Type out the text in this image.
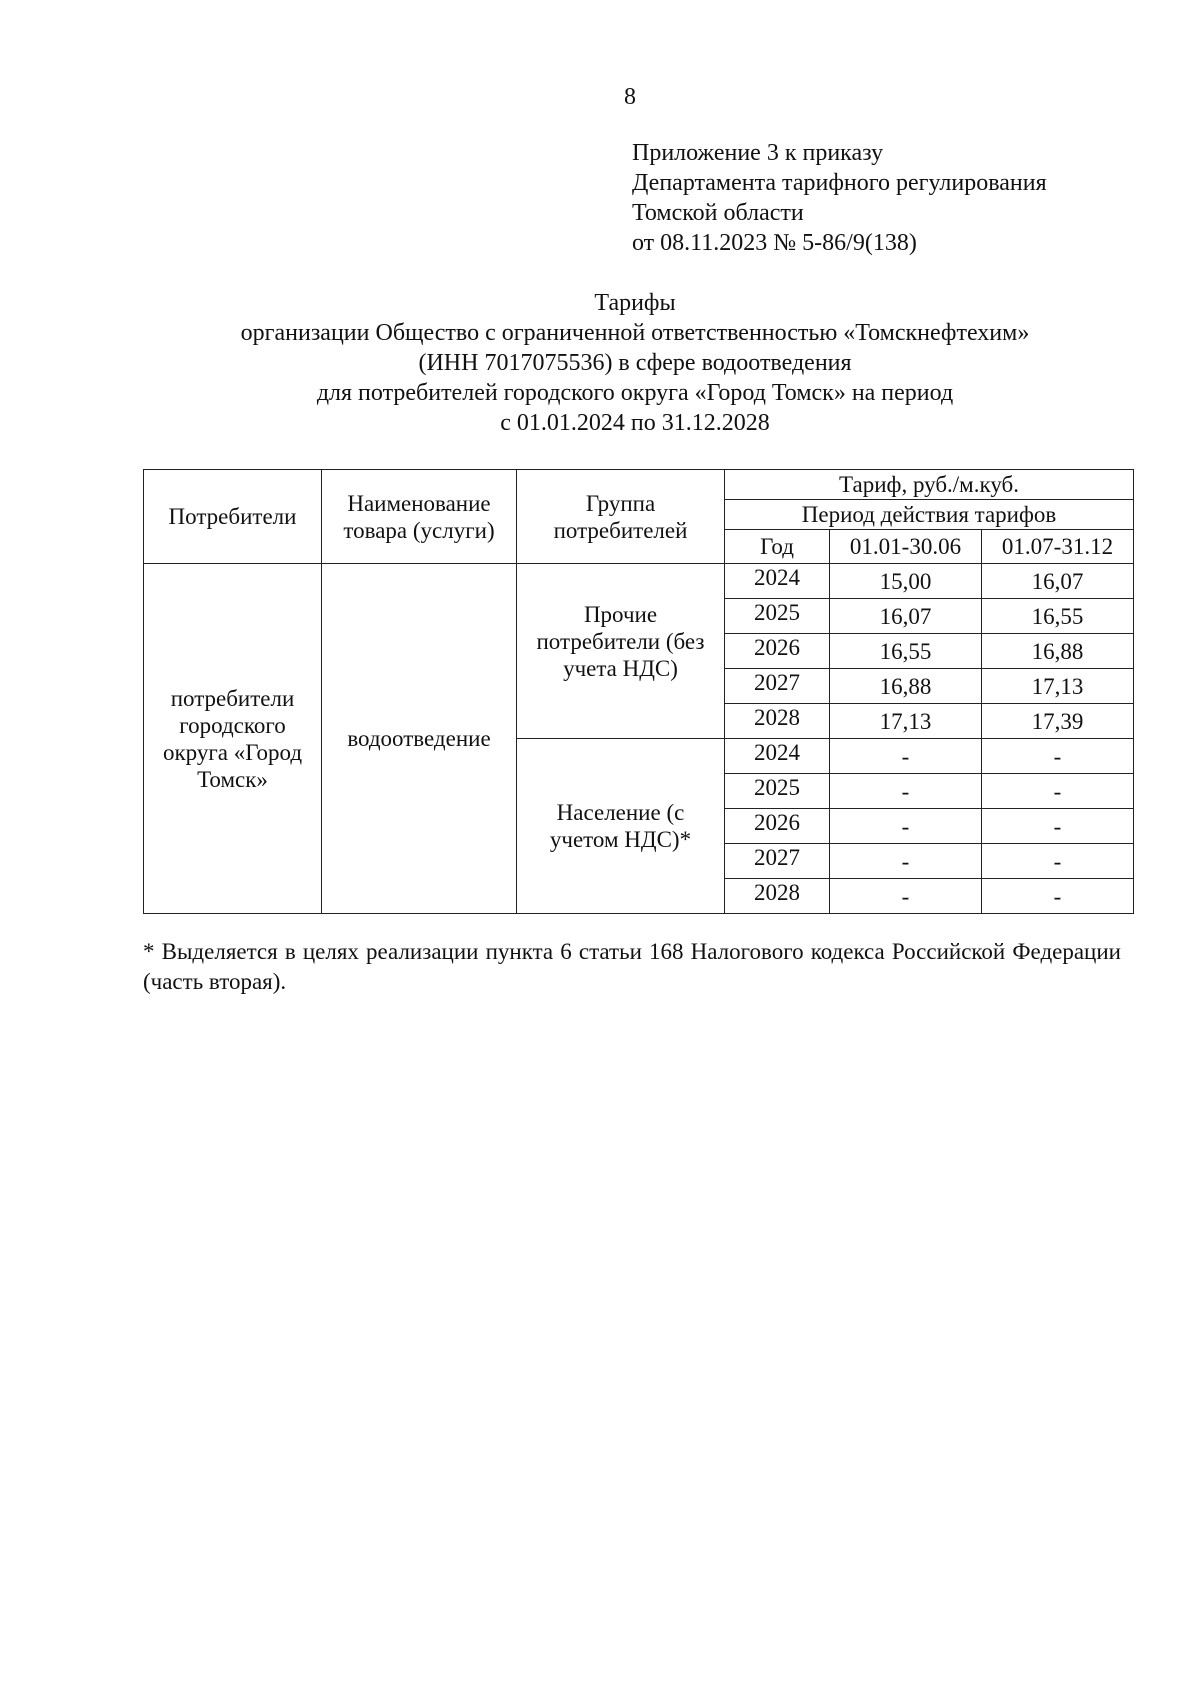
8
Приложение 3 к приказу
Департамента тарифного регулирования
Томской области
от 08.11.2023 № 5-86/9(138)
Тарифы
организации Общество с ограниченной ответственностью «Томскнефтехим»
(ИНН 7017075536) в сфере водоотведения
для потребителей городского округа «Город Томск» на период
с 01.01.2024 по 31.12.2028
Потребители	Наименование товара (услуги)	Группа потребителей	Тариф, руб./м.куб.		
			Период действия тарифов		
			Год	01.01-30.06	01.07-31.12
потребители городского округа «Город Томск»	водоотведение	Прочие потребители (без учета НДС)	2024	15,00	16,07
			2025	16,07	16,55
			2026	16,55	16,88
			2027	16,88	17,13
			2028	17,13	17,39
		Население (с учетом НДС)*	2024	-	-
			2025	-	-
			2026	-	-
			2027	-	-
			2028	-	-
* Выделяется в целях реализации пункта 6 статьи 168 Налогового кодекса Российской Федерации (часть вторая).
